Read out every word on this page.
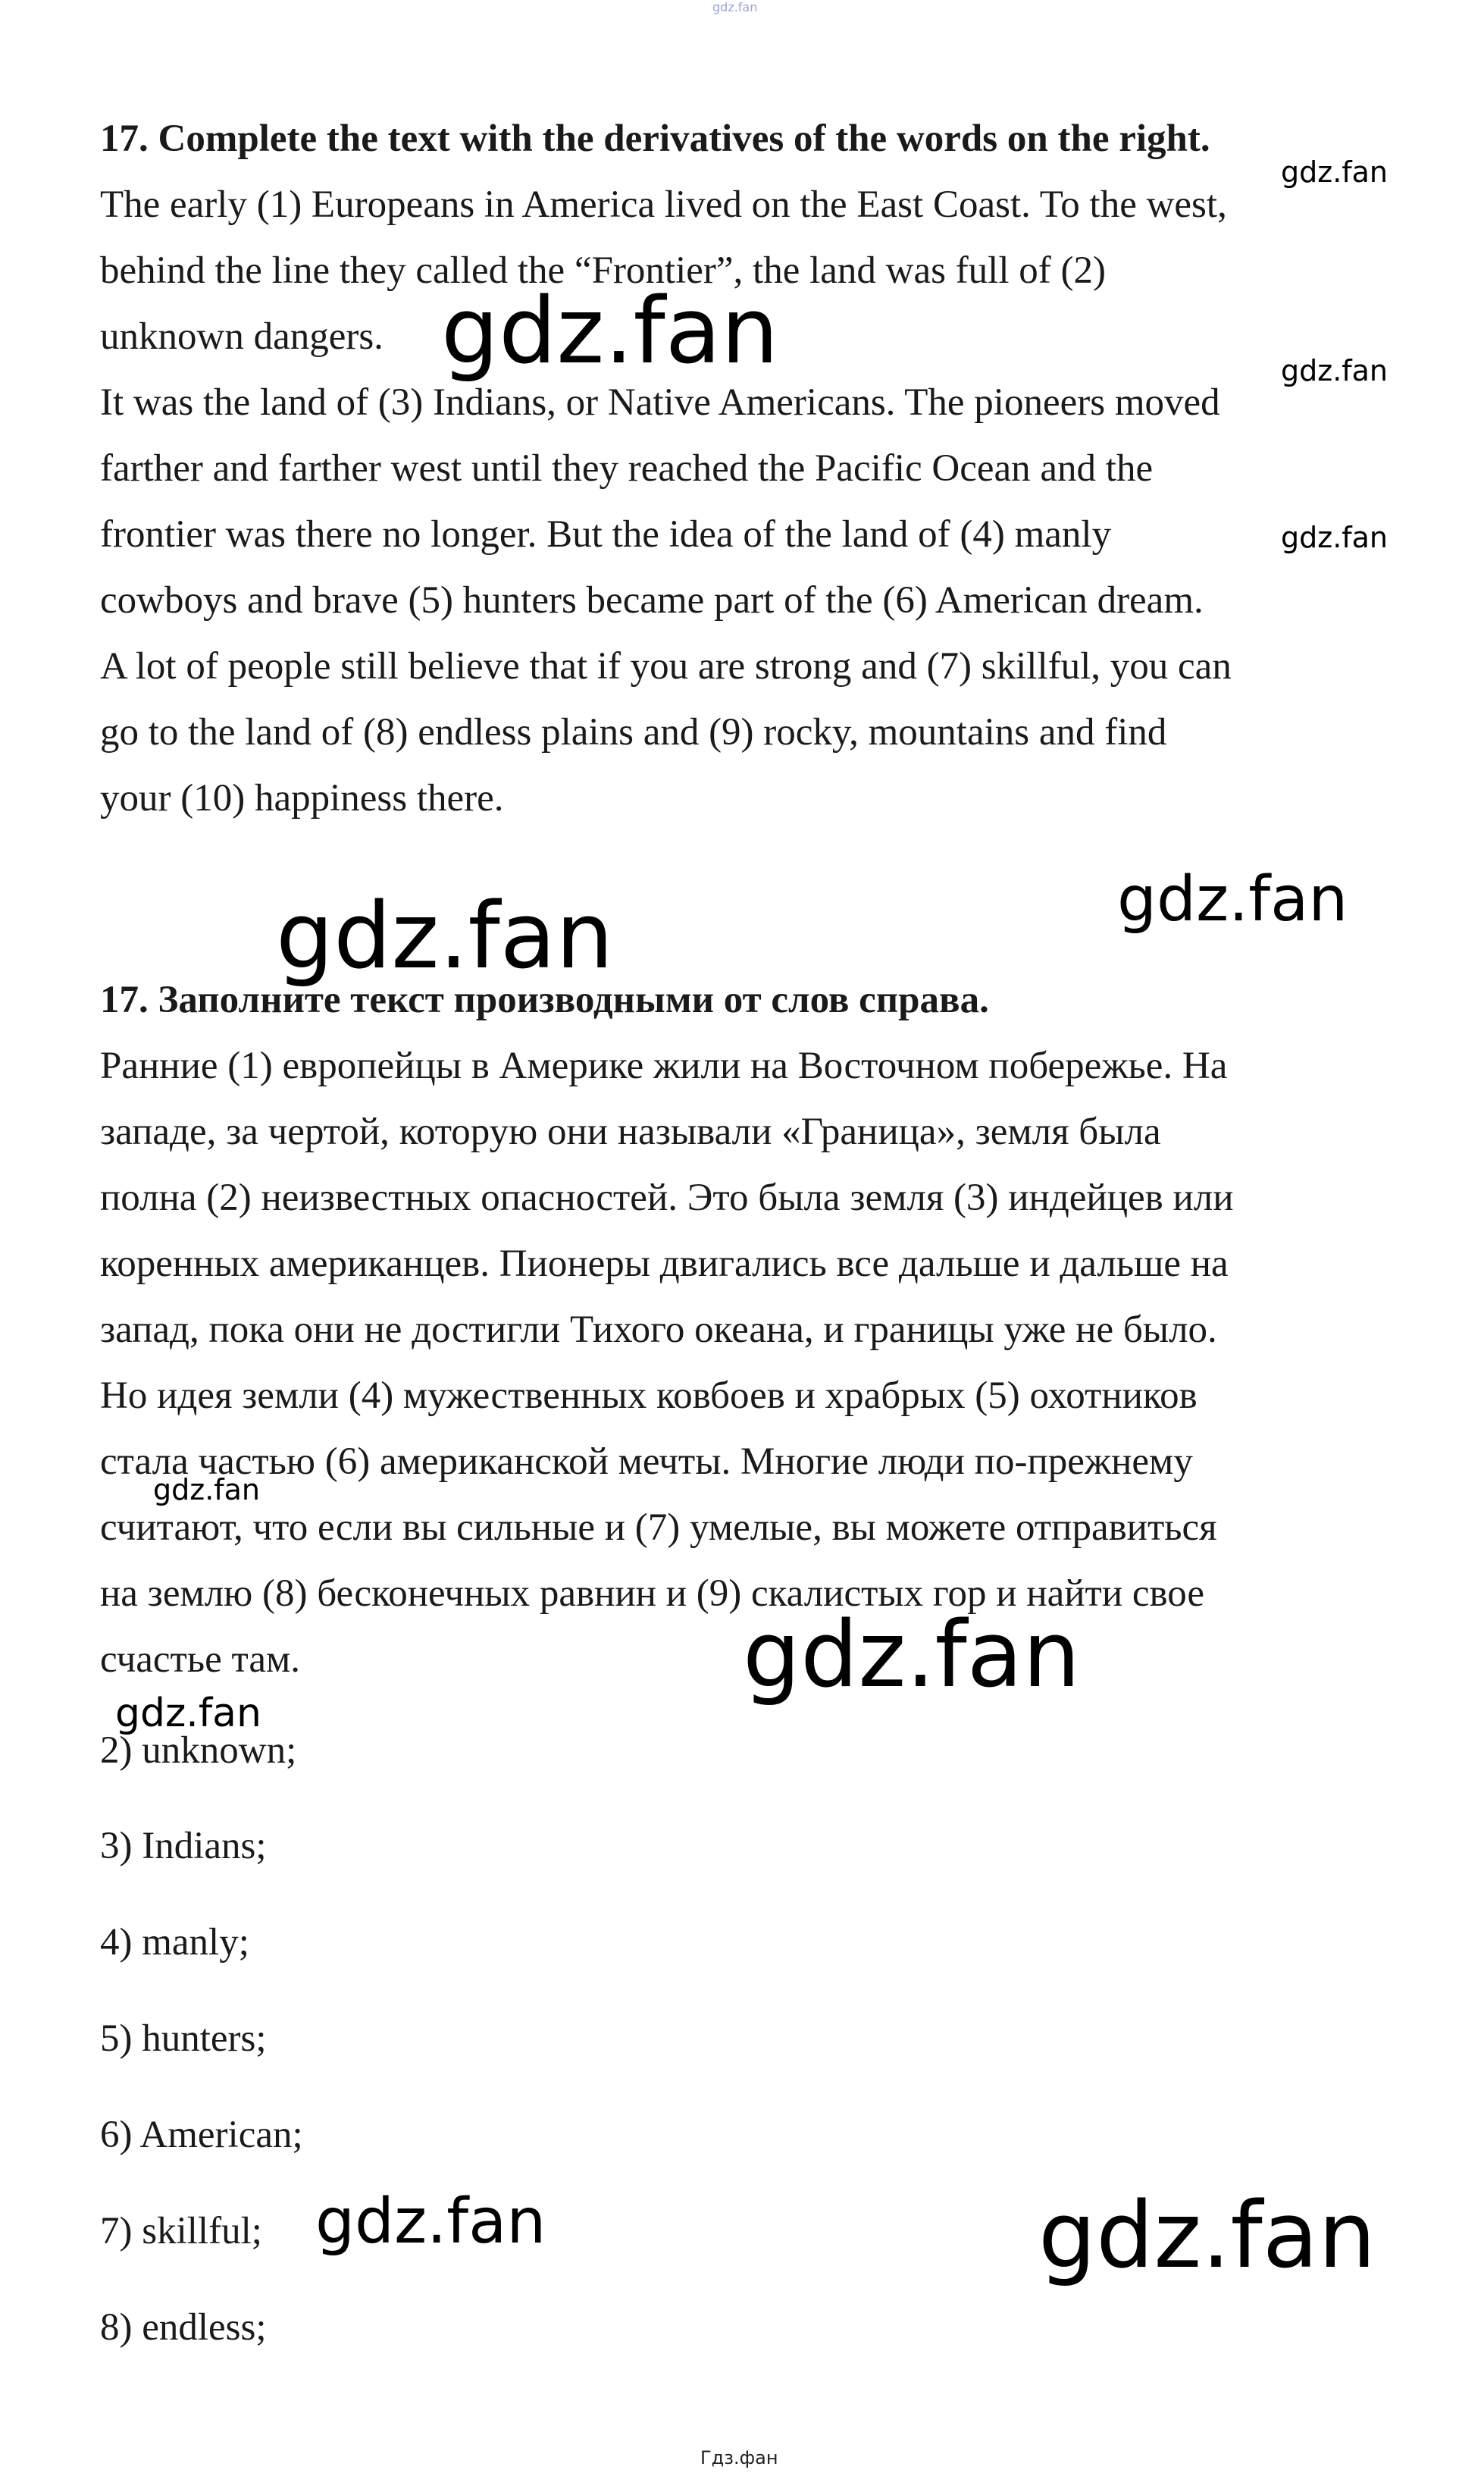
gdz.fan
17. Complete the text with the derivatives of the words on the right.
The early (1) Europeans in America lived on the East Coast. To the west,
behind the line they called the “Frontier”, the land was full of (2)
unknown dangers.
It was the land of (3) Indians, or Native Americans. The pioneers moved
farther and farther west until they reached the Pacific Ocean and the
frontier was there no longer. But the idea of the land of (4) manly
cowboys and brave (5) hunters became part of the (6) American dream.
A lot of people still believe that if you are strong and (7) skillful, you can
go to the land of (8) endless plains and (9) rocky, mountains and find
your (10) happiness there.
17. Заполните текст производными от слов справа.
Ранние (1) европейцы в Америке жили на Восточном побережье. На
западе, за чертой, которую они называли «Граница», земля была
полна (2) неизвестных опасностей. Это была земля (3) индейцев или
коренных американцев. Пионеры двигались все дальше и дальше на
запад, пока они не достигли Тихого океана, и границы уже не было.
Но идея земли (4) мужественных ковбоев и храбрых (5) охотников
стала частью (6) американской мечты. Многие люди по-прежнему
считают, что если вы сильные и (7) умелые, вы можете отправиться
на землю (8) бесконечных равнин и (9) скалистых гор и найти свое
счастье там.
2) unknown;
3) Indians;
4) manly;
5) hunters;
6) American;
7) skillful;
8) endless;
gdz.fan
gdz.fan	gdz.fan
gdz.fan
gdz.fan
gdz.fan
gdz.fan
gdz.fan
gdz.fan
gdz.fan	gdz.fan
Гдз.фан
